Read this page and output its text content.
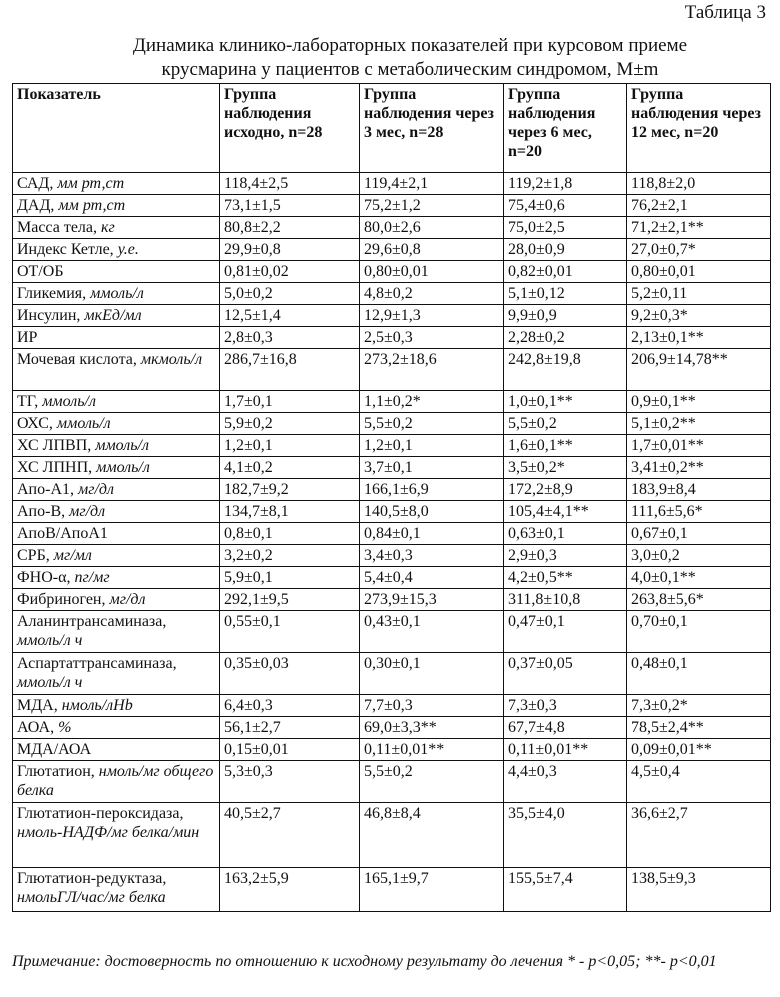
Таблица 3
Динамика клинико-лабораторных показателей при курсовом приеме
крусмарина у пациентов с метаболическим синдромом, M±m
Показатель	Группа наблюдения исходно, n=28	Группа наблюдения через 3 мес, n=28	Группа наблюдения через 6 мес, n=20	Группа наблюдения через 12 мес, n=20
САД, мм рт,ст	118,4±2,5	119,4±2,1	119,2±1,8	118,8±2,0
ДАД, мм рт,ст	73,1±1,5	75,2±1,2	75,4±0,6	76,2±2,1
Масса тела, кг	80,8±2,2	80,0±2,6	75,0±2,5	71,2±2,1**
Индекс Кетле, у.е.	29,9±0,8	29,6±0,8	28,0±0,9	27,0±0,7*
ОТ/ОБ	0,81±0,02	0,80±0,01	0,82±0,01	0,80±0,01
Гликемия, ммоль/л	5,0±0,2	4,8±0,2	5,1±0,12	5,2±0,11
Инсулин, мкЕд/мл	12,5±1,4	12,9±1,3	9,9±0,9	9,2±0,3*
ИР	2,8±0,3	2,5±0,3	2,28±0,2	2,13±0,1**
Мочевая кислота, мкмоль/л	286,7±16,8	273,2±18,6	242,8±19,8	206,9±14,78**
ТГ, ммоль/л	1,7±0,1	1,1±0,2*	1,0±0,1**	0,9±0,1**
ОХС, ммоль/л	5,9±0,2	5,5±0,2	5,5±0,2	5,1±0,2**
ХС ЛПВП, ммоль/л	1,2±0,1	1,2±0,1	1,6±0,1**	1,7±0,01**
ХС ЛПНП, ммоль/л	4,1±0,2	3,7±0,1	3,5±0,2*	3,41±0,2**
Апо-А1, мг/дл	182,7±9,2	166,1±6,9	172,2±8,9	183,9±8,4
Апо-В, мг/дл	134,7±8,1	140,5±8,0	105,4±4,1**	111,6±5,6*
АпоВ/АпоА1	0,8±0,1	0,84±0,1	0,63±0,1	0,67±0,1
СРБ, мг/мл	3,2±0,2	3,4±0,3	2,9±0,3	3,0±0,2
ФНО-α, пг/мг	5,9±0,1	5,4±0,4	4,2±0,5**	4,0±0,1**
Фибриноген, мг/дл	292,1±9,5	273,9±15,3	311,8±10,8	263,8±5,6*
Аланинтрансаминаза, ммоль/л ч	0,55±0,1	0,43±0,1	0,47±0,1	0,70±0,1
Аспартаттрансаминаза, ммоль/л ч	0,35±0,03	0,30±0,1	0,37±0,05	0,48±0,1
МДА, нмоль/лHb	6,4±0,3	7,7±0,3	7,3±0,3	7,3±0,2*
АОА, %	56,1±2,7	69,0±3,3**	67,7±4,8	78,5±2,4**
МДА/АОА	0,15±0,01	0,11±0,01**	0,11±0,01**	0,09±0,01**
Глютатион, нмоль/мг общего белка	5,3±0,3	5,5±0,2	4,4±0,3	4,5±0,4
Глютатион-пероксидаза, нмоль-НАДФ/мг белка/мин	40,5±2,7	46,8±8,4	35,5±4,0	36,6±2,7
Глютатион-редуктаза, нмольГЛ/час/мг белка	163,2±5,9	165,1±9,7	155,5±7,4	138,5±9,3
Примечание: достоверность по отношению к исходному результату до лечения * - p<0,05; **- p<0,01
